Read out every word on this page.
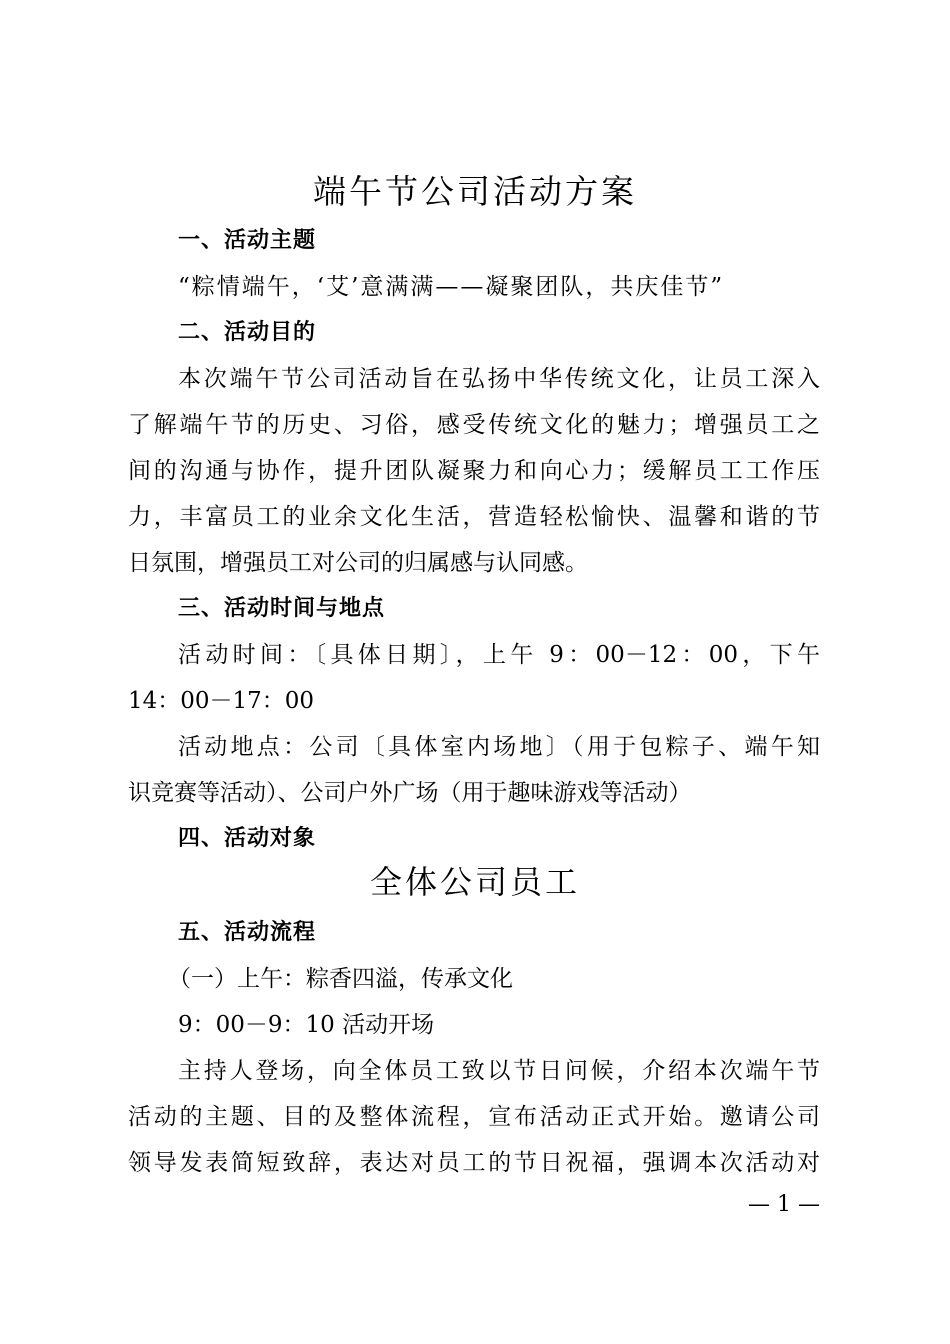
端午节公司活动方案
一、活动主题
“粽情端午，‘艾’意满满——凝聚团队，共庆佳节”
二、活动目的
本次端午节公司活动旨在弘扬中华传统文化，让员工深入
了解端午节的历史、习俗，感受传统文化的魅力；增强员工之
间的沟通与协作，提升团队凝聚力和向心力；缓解员工工作压
力，丰富员工的业余文化生活，营造轻松愉快、温馨和谐的节
日氛围，增强员工对公司的归属感与认同感。
三、活动时间与地点
活动时间：〔具体日期〕，上午 9：00－12：00，下午
14：00－17：00
活动地点：公司〔具体室内场地〕（用于包粽子、端午知
识竞赛等活动）、公司户外广场（用于趣味游戏等活动）
四、活动对象
全体公司员工
五、活动流程
（一）上午：粽香四溢，传承文化
9：00－9：10 活动开场
主持人登场，向全体员工致以节日问候，介绍本次端午节
活动的主题、目的及整体流程，宣布活动正式开始。邀请公司
领导发表简短致辞，表达对员工的节日祝福，强调本次活动对
— 1 —
